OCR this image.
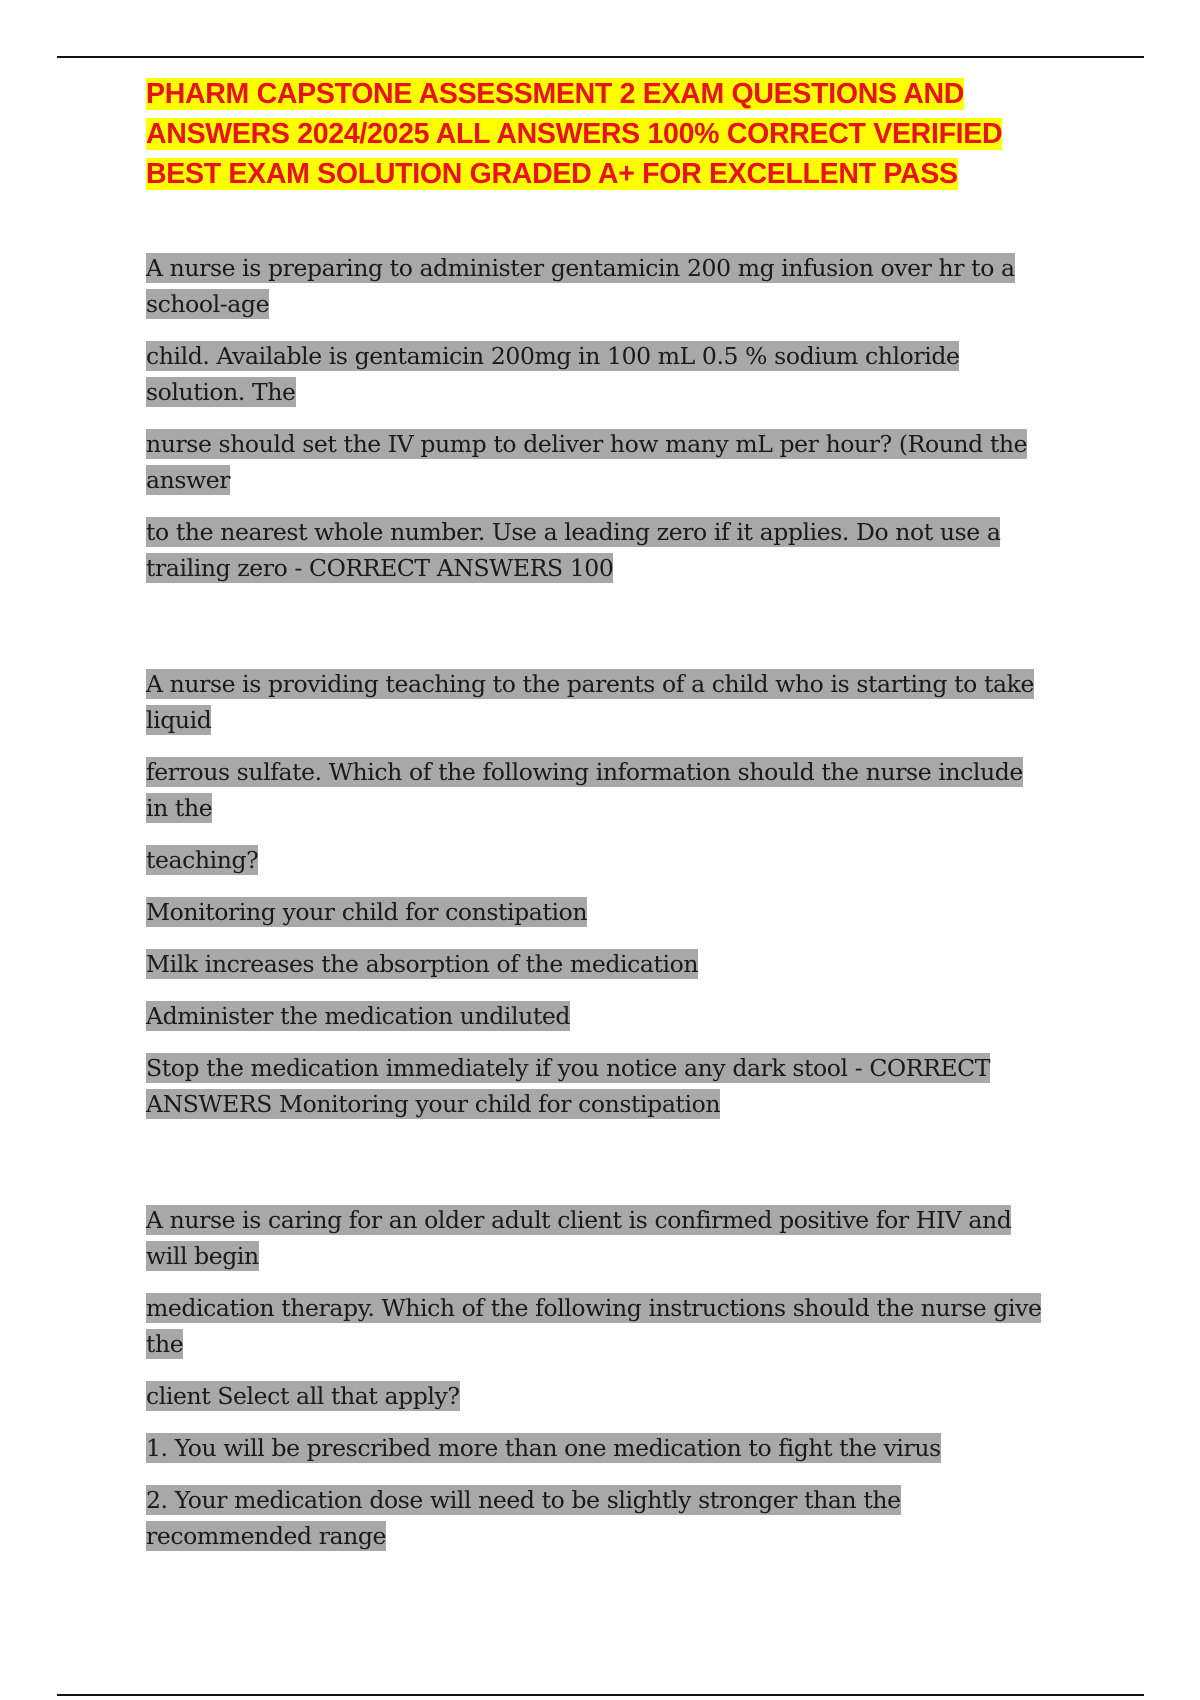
PHARM CAPSTONE ASSESSMENT 2 EXAM QUESTIONS AND ANSWERS 2024/2025 ALL ANSWERS 100% CORRECT VERIFIED BEST EXAM SOLUTION GRADED A+ FOR EXCELLENT PASS

A nurse is preparing to administer gentamicin 200 mg infusion over hr to a school-age

child. Available is gentamicin 200mg in 100 mL 0.5 % sodium chloride solution. The

nurse should set the IV pump to deliver how many mL per hour? (Round the answer

to the nearest whole number. Use a leading zero if it applies. Do not use a trailing zero - CORRECT ANSWERS 100

A nurse is providing teaching to the parents of a child who is starting to take liquid

ferrous sulfate. Which of the following information should the nurse include in the

teaching?

Monitoring your child for constipation

Milk increases the absorption of the medication

Administer the medication undiluted

Stop the medication immediately if you notice any dark stool - CORRECT ANSWERS Monitoring your child for constipation

A nurse is caring for an older adult client is confirmed positive for HIV and will begin

medication therapy. Which of the following instructions should the nurse give the

client Select all that apply?

1. You will be prescribed more than one medication to fight the virus

2. Your medication dose will need to be slightly stronger than the recommended range
